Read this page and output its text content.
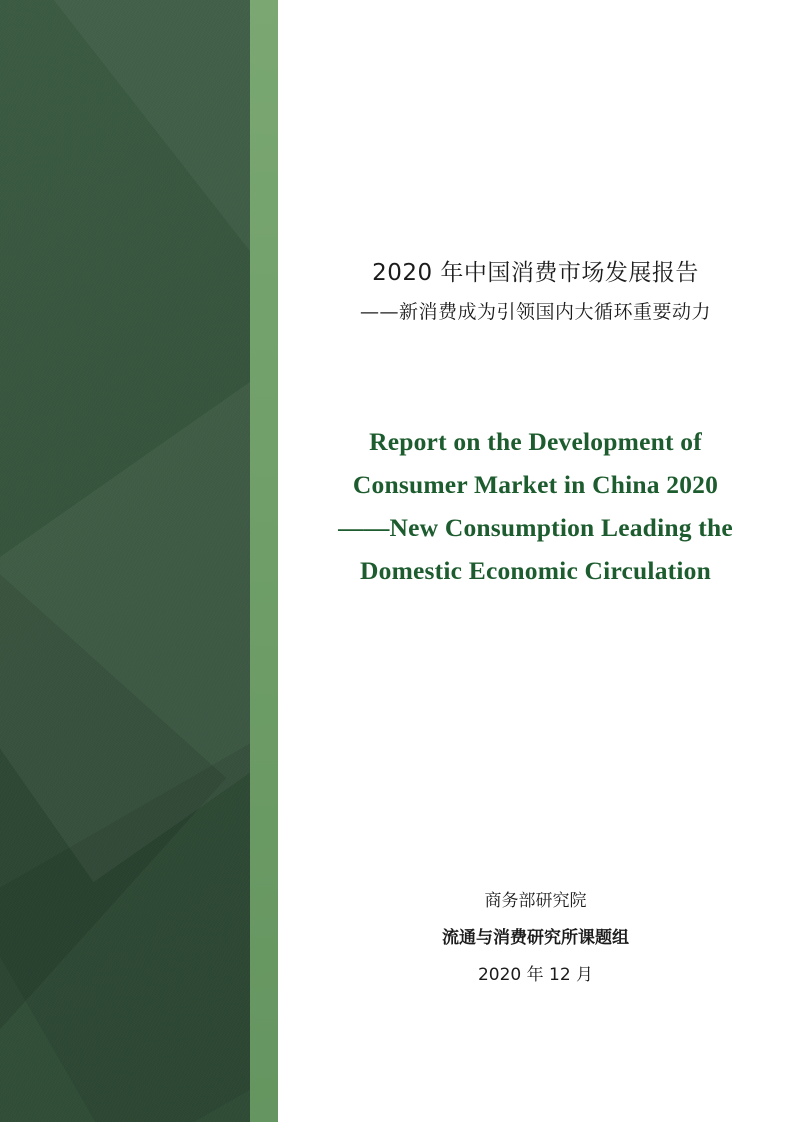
2020 年中国消费市场发展报告
——新消费成为引领国内大循环重要动力
Report on the Development of
Consumer Market in China 2020
——New Consumption Leading the
Domestic Economic Circulation
商务部研究院
流通与消费研究所课题组
2020 年 12 月
